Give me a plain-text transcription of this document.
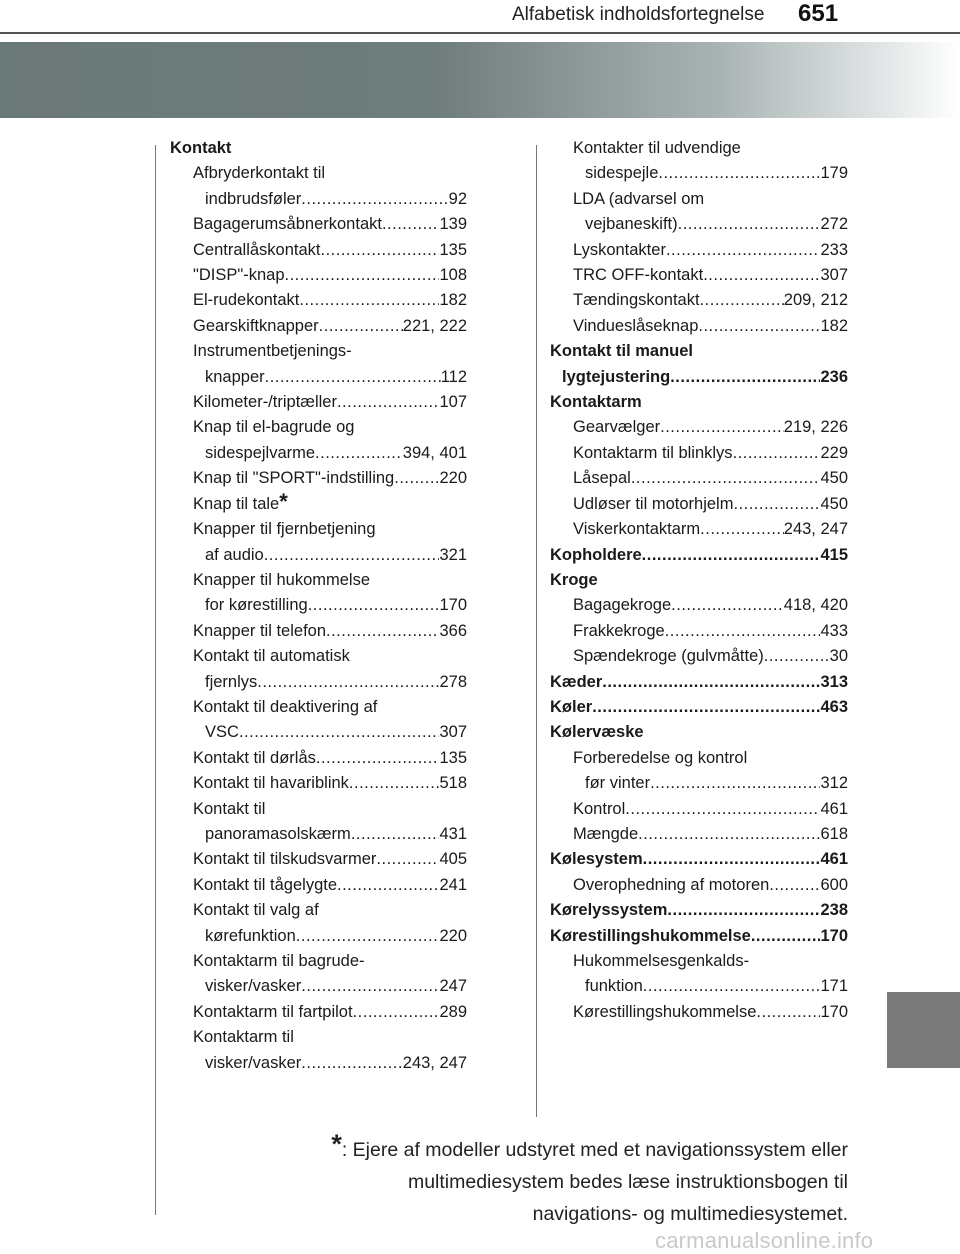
Alfabetisk indholdsfortegnelse 651
Kontakt
Afbryderkontakt til
indbrudsføler .....	92
Bagagerumsåbnerkontakt .....	139
Centrallåskontakt .....	135
"DISP"-knap .....	108
El-rudekontakt .....	182
Gearskiftknapper .....	221, 222
Instrumentbetjenings-
knapper .....	112
Kilometer-/triptæller .....	107
Knap til el-bagrude og
sidespejlvarme .....	394, 401
Knap til "SPORT"-indstilling .....	220
Knap til tale *
Knapper til fjernbetjening
af audio .....	321
Knapper til hukommelse
for kørestilling .....	170
Knapper til telefon .....	366
Kontakt til automatisk
fjernlys .....	278
Kontakt til deaktivering af
VSC .....	307
Kontakt til dørlås .....	135
Kontakt til havariblink .....	518
Kontakt til
panoramasolskærm .....	431
Kontakt til tilskudsvarmer .....	405
Kontakt til tågelygte .....	241
Kontakt til valg af
kørefunktion .....	220
Kontaktarm til bagrude-
visker/vasker .....	247
Kontaktarm til fartpilot .....	289
Kontaktarm til
visker/vasker .....	243, 247
Kontakter til udvendige
sidespejle .....	179
LDA (advarsel om
vejbaneskift) .....	272
Lyskontakter .....	233
TRC OFF-kontakt .....	307
Tændingskontakt .....	209, 212
Vindueslåseknap .....	182
Kontakt til manuel
lygtejustering .....	236
Kontaktarm
Gearvælger .....	219, 226
Kontaktarm til blinklys .....	229
Låsepal .....	450
Udløser til motorhjelm .....	450
Viskerkontaktarm .....	243, 247
Kopholdere .....	415
Kroge
Bagagekroge .....	418, 420
Frakkekroge .....	433
Spændekroge (gulvmåtte) .....	30
Kæder .....	313
Køler .....	463
Kølervæske
Forberedelse og kontrol
før vinter .....	312
Kontrol .....	461
Mængde .....	618
Kølesystem .....	461
Overophedning af motoren .....	600
Kørelyssystem .....	238
Kørestillingshukommelse .....	170
Hukommelsesgenkalds-
funktion .....	171
Kørestillingshukommelse .....	170
*: Ejere af modeller udstyret med et navigationssystem eller
multimediesystem bedes læse instruktionsbogen til
navigations- og multimediesystemet.
carmanualsonline.info
